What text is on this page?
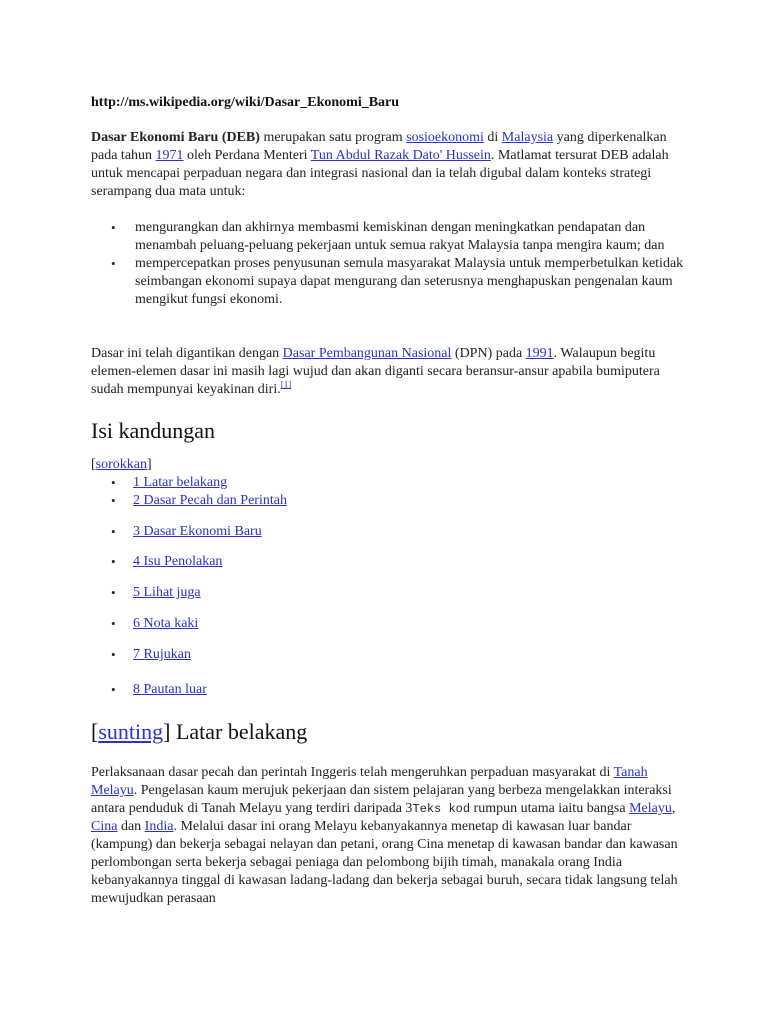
http://ms.wikipedia.org/wiki/Dasar_Ekonomi_Baru
Dasar Ekonomi Baru (DEB) merupakan satu program sosioekonomi di Malaysia yang diperkenalkan pada tahun 1971 oleh Perdana Menteri Tun Abdul Razak Dato' Hussein. Matlamat tersurat DEB adalah untuk mencapai perpaduan negara dan integrasi nasional dan ia telah digubal dalam konteks strategi serampang dua mata untuk:
• mengurangkan dan akhirnya membasmi kemiskinan dengan meningkatkan pendapatan dan menambah peluang-peluang pekerjaan untuk semua rakyat Malaysia tanpa mengira kaum; dan
• mempercepatkan proses penyusunan semula masyarakat Malaysia untuk memperbetulkan ketidak seimbangan ekonomi supaya dapat mengurang dan seterusnya menghapuskan pengenalan kaum mengikut fungsi ekonomi.
Dasar ini telah digantikan dengan Dasar Pembangunan Nasional (DPN) pada 1991. Walaupun begitu elemen-elemen dasar ini masih lagi wujud dan akan diganti secara beransur-ansur apabila bumiputera sudah mempunyai keyakinan diri.[1]
Isi kandungan
[sorokkan]
• 1 Latar belakang
• 2 Dasar Pecah dan Perintah
• 3 Dasar Ekonomi Baru
• 4 Isu Penolakan
• 5 Lihat juga
• 6 Nota kaki
• 7 Rujukan
• 8 Pautan luar
[sunting] Latar belakang
Perlaksanaan dasar pecah dan perintah Inggeris telah mengeruhkan perpaduan masyarakat di Tanah Melayu. Pengelasan kaum merujuk pekerjaan dan sistem pelajaran yang berbeza mengelakkan interaksi antara penduduk di Tanah Melayu yang terdiri daripada 3Teks kod rumpun utama iaitu bangsa Melayu, Cina dan India. Melalui dasar ini orang Melayu kebanyakannya menetap di kawasan luar bandar (kampung) dan bekerja sebagai nelayan dan petani, orang Cina menetap di kawasan bandar dan kawasan perlombongan serta bekerja sebagai peniaga dan pelombong bijih timah, manakala orang India kebanyakannya tinggal di kawasan ladang-ladang dan bekerja sebagai buruh, secara tidak langsung telah mewujudkan perasaan
